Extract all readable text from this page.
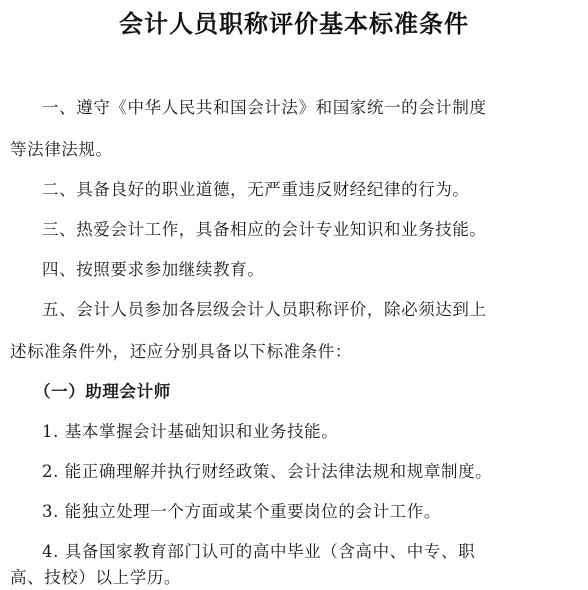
会计人员职称评价基本标准条件
一、遵守《中华人民共和国会计法》和国家统一的会计制度
等法律法规。
二、具备良好的职业道德，无严重违反财经纪律的行为。
三、热爱会计工作，具备相应的会计专业知识和业务技能。
四、按照要求参加继续教育。
五、会计人员参加各层级会计人员职称评价，除必须达到上
述标准条件外，还应分别具备以下标准条件：
（一）助理会计师
1. 基本掌握会计基础知识和业务技能。
2. 能正确理解并执行财经政策、会计法律法规和规章制度。
3. 能独立处理一个方面或某个重要岗位的会计工作。
4. 具备国家教育部门认可的高中毕业（含高中、中专、职
高、技校）以上学历。
